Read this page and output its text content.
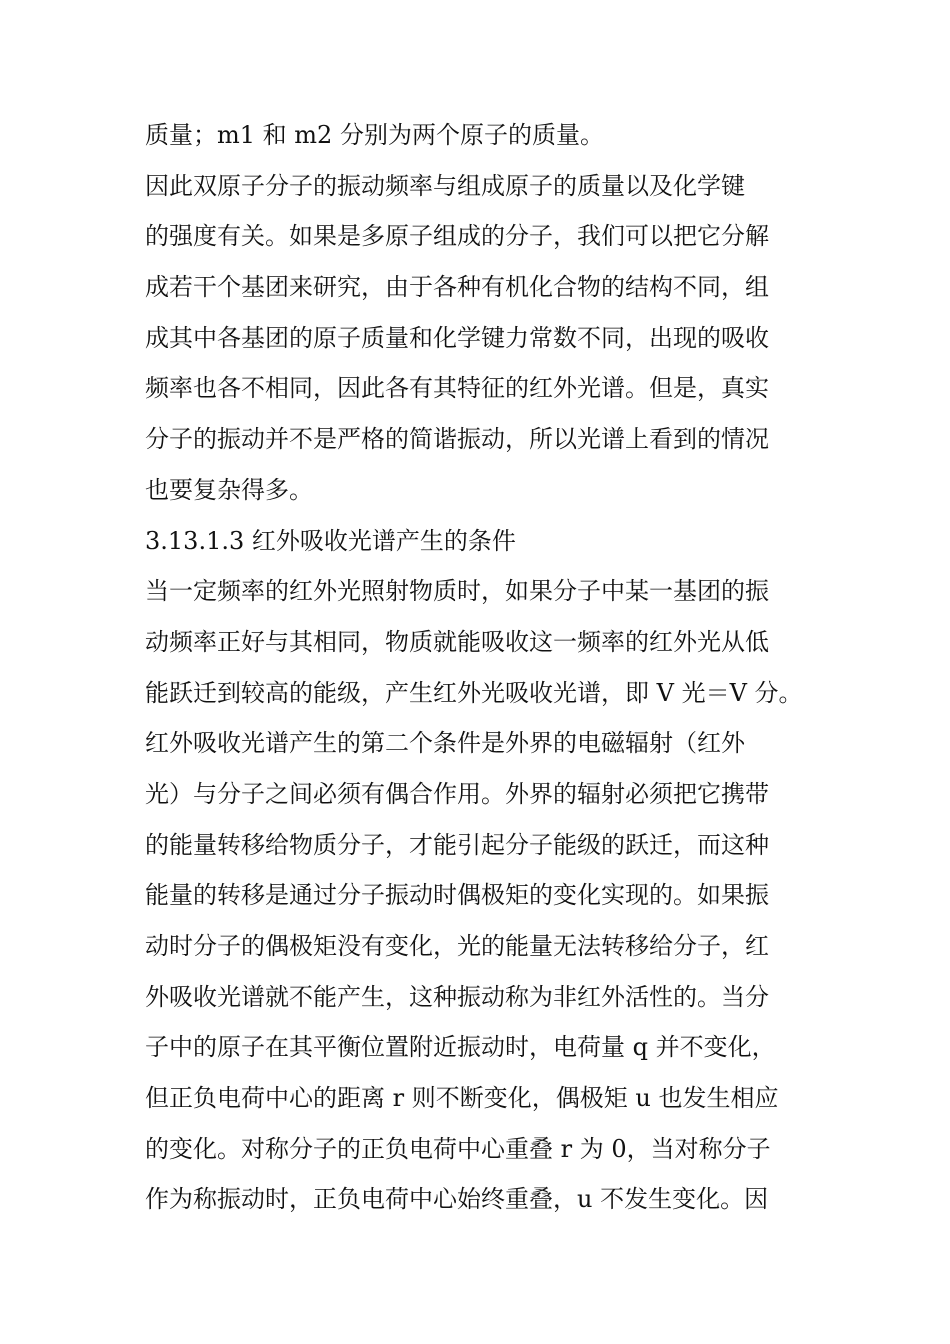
质量；m1 和 m2 分别为两个原子的质量。
因此双原子分子的振动频率与组成原子的质量以及化学键
的强度有关。如果是多原子组成的分子，我们可以把它分解
成若干个基团来研究，由于各种有机化合物的结构不同，组
成其中各基团的原子质量和化学键力常数不同，出现的吸收
频率也各不相同，因此各有其特征的红外光谱。但是，真实
分子的振动并不是严格的简谐振动，所以光谱上看到的情况
也要复杂得多。
3.13.1.3 红外吸收光谱产生的条件
当一定频率的红外光照射物质时，如果分子中某一基团的振
动频率正好与其相同，物质就能吸收这一频率的红外光从低
能跃迁到较高的能级，产生红外光吸收光谱，即 V 光＝V 分。
红外吸收光谱产生的第二个条件是外界的电磁辐射（红外
光）与分子之间必须有偶合作用。外界的辐射必须把它携带
的能量转移给物质分子，才能引起分子能级的跃迁，而这种
能量的转移是通过分子振动时偶极矩的变化实现的。如果振
动时分子的偶极矩没有变化，光的能量无法转移给分子，红
外吸收光谱就不能产生，这种振动称为非红外活性的。当分
子中的原子在其平衡位置附近振动时，电荷量 q 并不变化，
但正负电荷中心的距离 r 则不断变化，偶极矩 u 也发生相应
的变化。对称分子的正负电荷中心重叠 r 为 0，当对称分子
作为称振动时，正负电荷中心始终重叠，u 不发生变化。因
